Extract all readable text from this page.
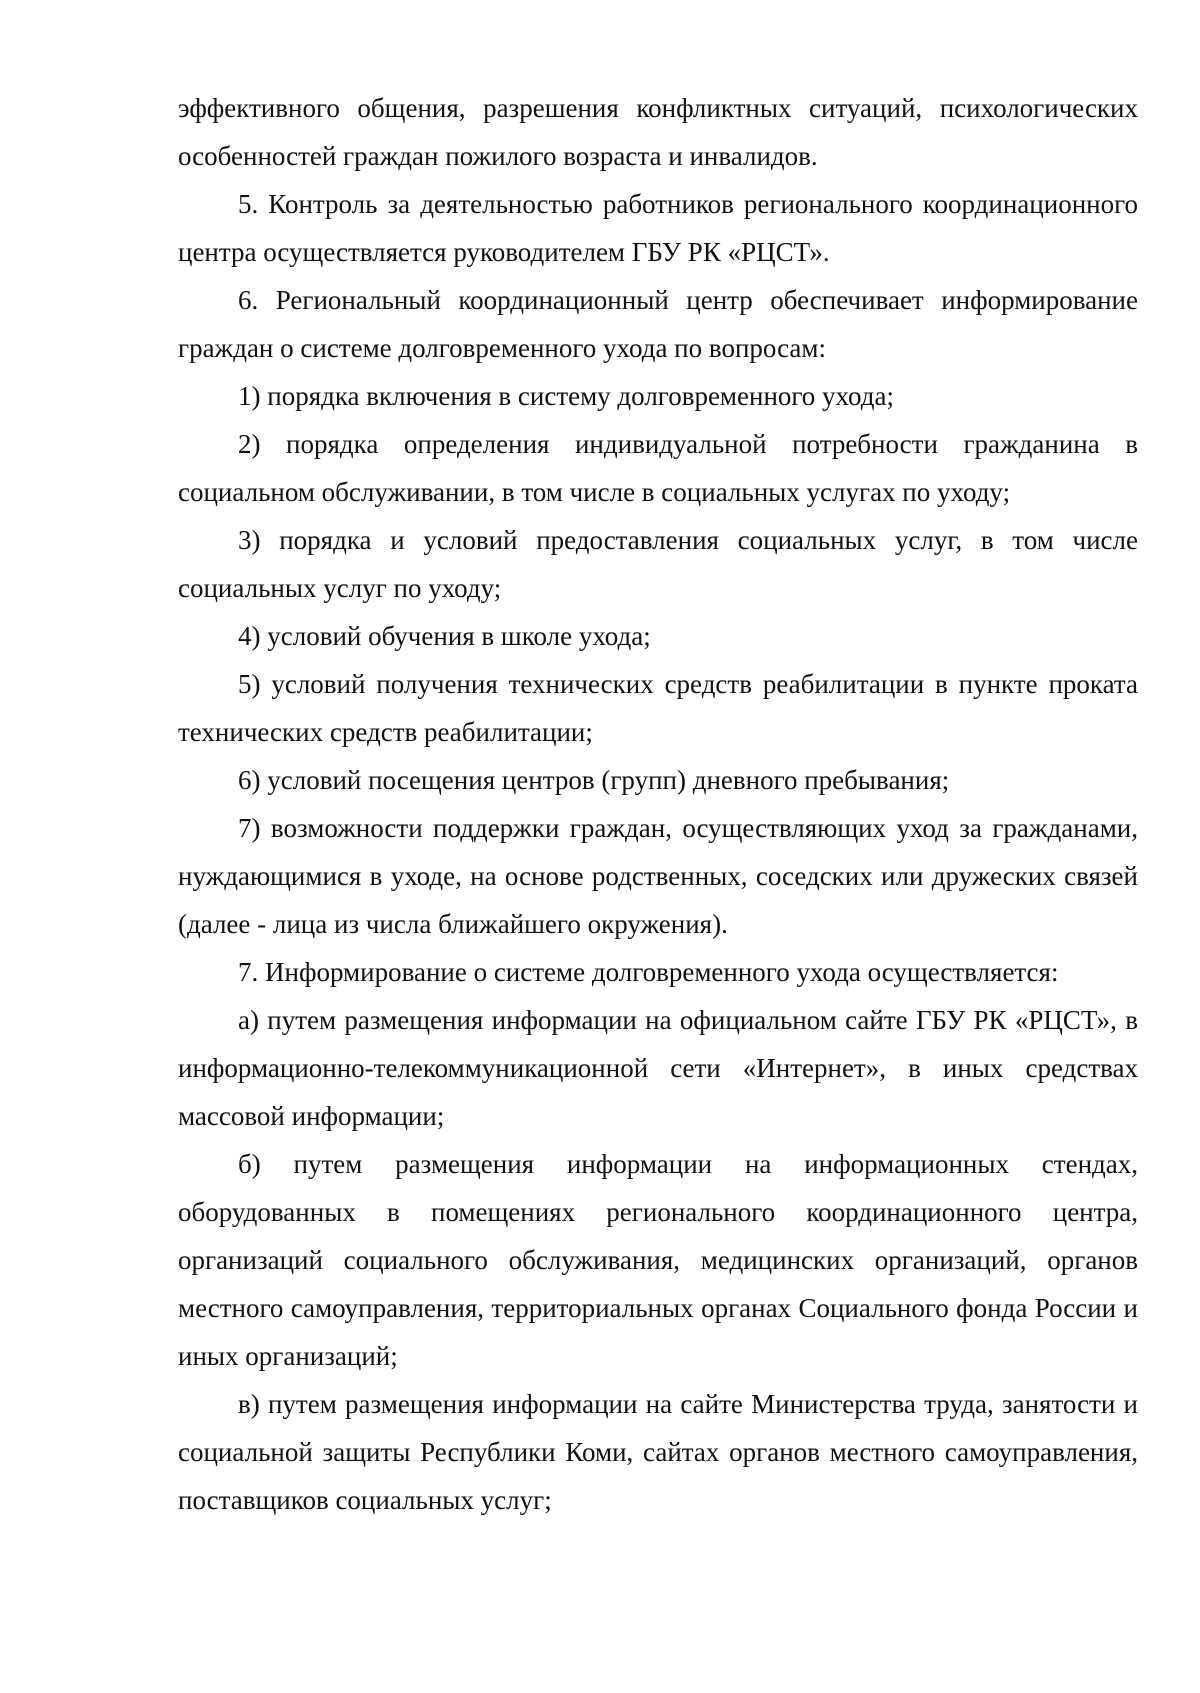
эффективного общения, разрешения конфликтных ситуаций, психологических особенностей граждан пожилого возраста и инвалидов.

5. Контроль за деятельностью работников регионального координационного центра осуществляется руководителем ГБУ РК «РЦСТ».

6. Региональный координационный центр обеспечивает информирование граждан о системе долговременного ухода по вопросам:

1) порядка включения в систему долговременного ухода;

2) порядка определения индивидуальной потребности гражданина в социальном обслуживании, в том числе в социальных услугах по уходу;

3) порядка и условий предоставления социальных услуг, в том числе социальных услуг по уходу;

4) условий обучения в школе ухода;

5) условий получения технических средств реабилитации в пункте проката технических средств реабилитации;

6) условий посещения центров (групп) дневного пребывания;

7) возможности поддержки граждан, осуществляющих уход за гражданами, нуждающимися в уходе, на основе родственных, соседских или дружеских связей (далее - лица из числа ближайшего окружения).

7. Информирование о системе долговременного ухода осуществляется:

а) путем размещения информации на официальном сайте ГБУ РК «РЦСТ», в информационно-телекоммуникационной сети «Интернет», в иных средствах массовой информации;

б) путем размещения информации на информационных стендах, оборудованных в помещениях регионального координационного центра, организаций социального обслуживания, медицинских организаций, органов местного самоуправления, территориальных органах Социального фонда России и иных организаций;

в) путем размещения информации на сайте Министерства труда, занятости и социальной защиты Республики Коми, сайтах органов местного самоуправления, поставщиков социальных услуг;
